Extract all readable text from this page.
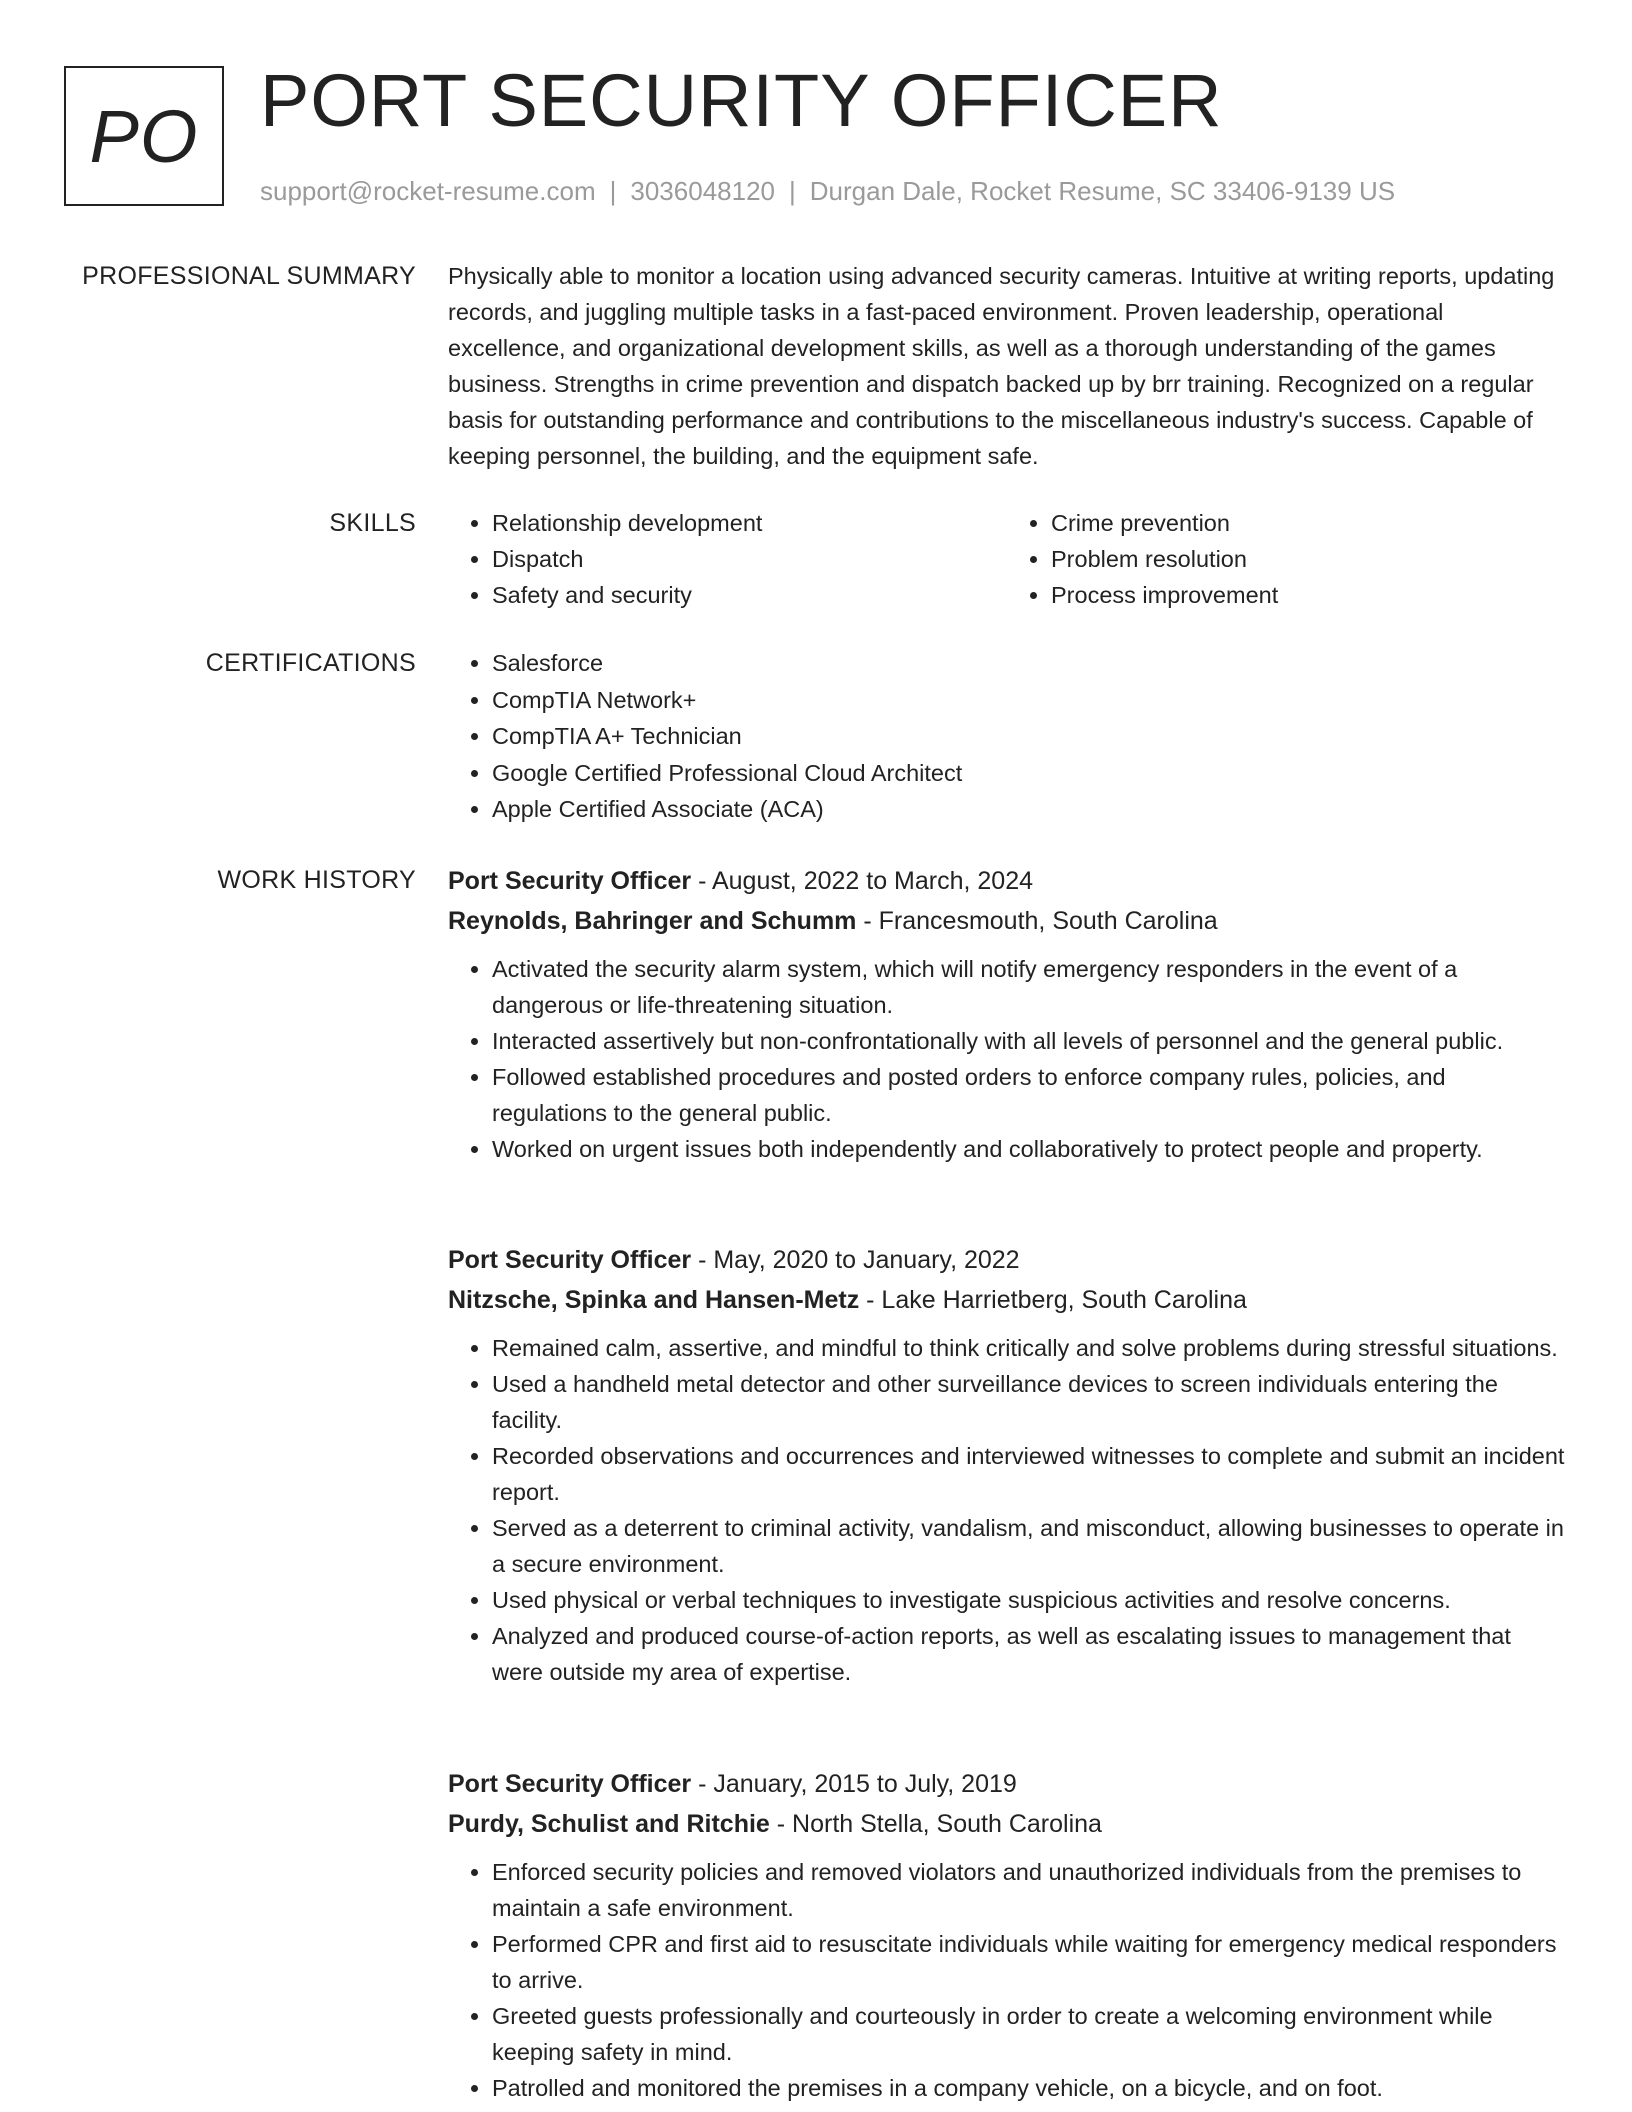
PO PORT SECURITY OFFICER
support@rocket-resume.com | 3036048120 | Durgan Dale, Rocket Resume, SC 33406-9139 US
PROFESSIONAL SUMMARY Physically able to monitor a location using advanced security cameras. Intuitive at writing reports, updating records, and juggling multiple tasks in a fast-paced environment. Proven leadership, operational excellence, and organizational development skills, as well as a thorough understanding of the games business. Strengths in crime prevention and dispatch backed up by brr training. Recognized on a regular basis for outstanding performance and contributions to the miscellaneous industry's success. Capable of keeping personnel, the building, and the equipment safe.

SKILLS	• Relationship development
• Dispatch
• Safety and security
• Crime prevention
• Problem resolution
• Process improvement
CERTIFICATIONS	• Salesforce
• CompTIA Network+
• CompTIA A+ Technician
• Google Certified Professional Cloud Architect
• Apple Certified Associate (ACA)
WORK HISTORY Port Security Officer - August, 2022 to March, 2024
Reynolds, Bahringer and Schumm - Francesmouth, South Carolina
• Activated the security alarm system, which will notify emergency responders in the event of a dangerous or life-threatening situation.
• Interacted assertively but non-confrontationally with all levels of personnel and the general public.
• Followed established procedures and posted orders to enforce company rules, policies, and regulations to the general public.
• Worked on urgent issues both independently and collaboratively to protect people and property.
Port Security Officer - May, 2020 to January, 2022
Nitzsche, Spinka and Hansen-Metz - Lake Harrietberg, South Carolina
• Remained calm, assertive, and mindful to think critically and solve problems during stressful situations.
• Used a handheld metal detector and other surveillance devices to screen individuals entering the facility.
• Recorded observations and occurrences and interviewed witnesses to complete and submit an incident report.
• Served as a deterrent to criminal activity, vandalism, and misconduct, allowing businesses to operate in a secure environment.
• Used physical or verbal techniques to investigate suspicious activities and resolve concerns.
• Analyzed and produced course-of-action reports, as well as escalating issues to management that were outside my area of expertise.
Port Security Officer - January, 2015 to July, 2019
Purdy, Schulist and Ritchie - North Stella, South Carolina
• Enforced security policies and removed violators and unauthorized individuals from the premises to maintain a safe environment.
• Performed CPR and first aid to resuscitate individuals while waiting for emergency medical responders to arrive.
• Greeted guests professionally and courteously in order to create a welcoming environment while keeping safety in mind.
• Patrolled and monitored the premises in a company vehicle, on a bicycle, and on foot.
